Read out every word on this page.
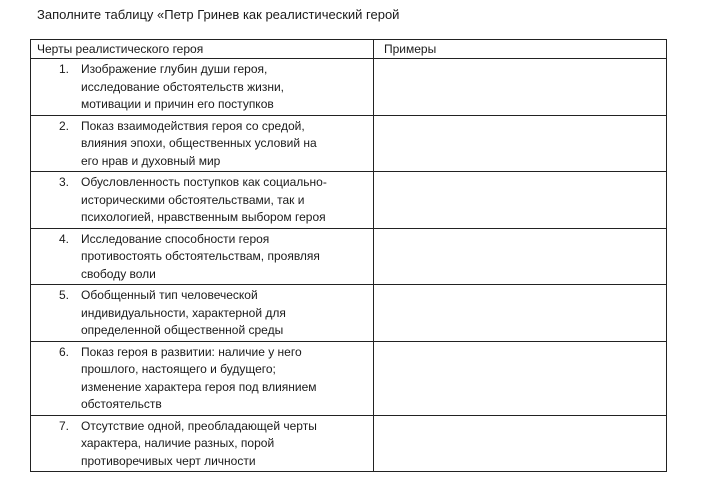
Заполните таблицу «Петр Гринев как реалистический герой
Черты реалистического героя	Примеры

1. Изображение глубин души героя,
исследование обстоятельств жизни,
мотивации и причин его поступков	

2. Показ взаимодействия героя со средой,
влияния эпохи, общественных условий на
его нрав и духовный мир	

3. Обусловленность поступков как социально-
историческими обстоятельствами, так и
психологией, нравственным выбором героя	

4. Исследование способности героя
противостоять обстоятельствам, проявляя
свободу воли	

5. Обобщенный тип человеческой
индивидуальности, характерной для
определенной общественной среды	

6. Показ героя в развитии: наличие у него
прошлого, настоящего и будущего;
изменение характера героя под влиянием
обстоятельств	

7. Отсутствие одной, преобладающей черты
характера, наличие разных, порой
противоречивых черт личности	
